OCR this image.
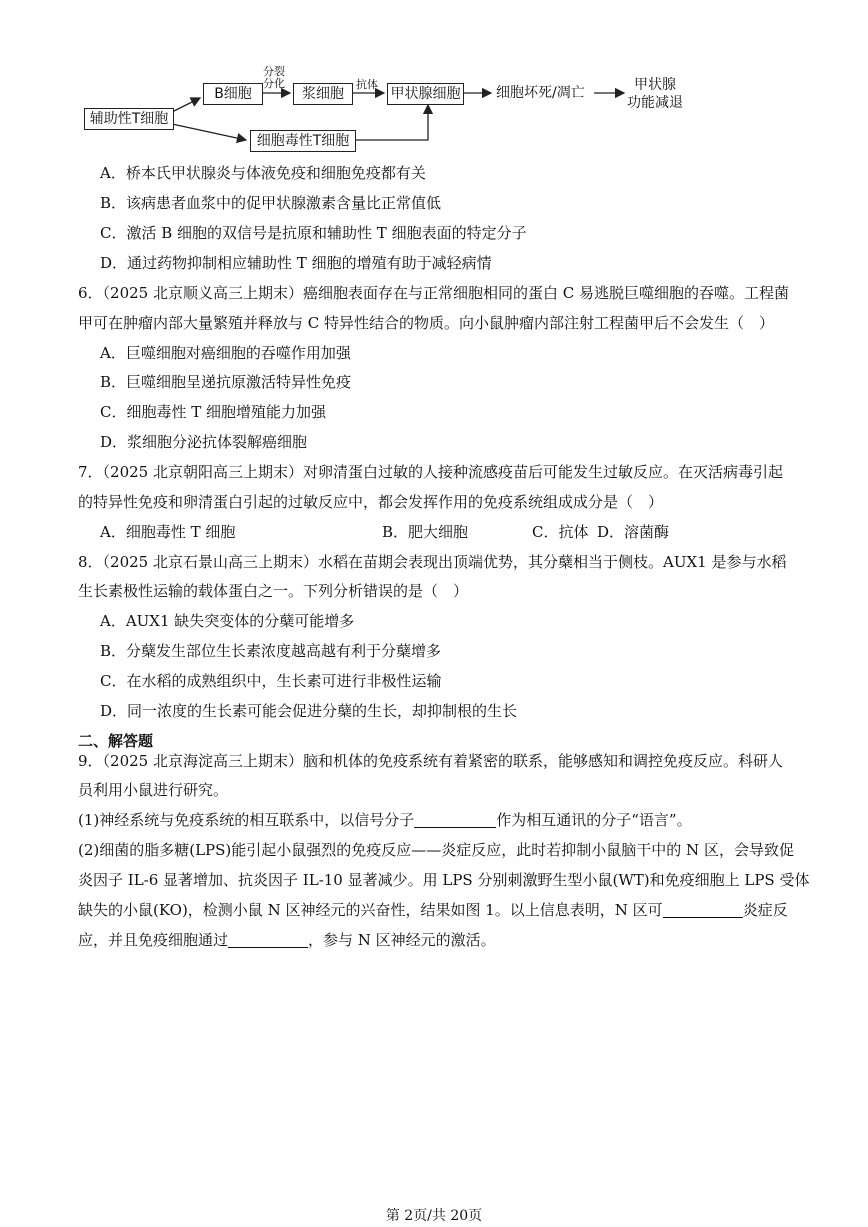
辅助性T细胞
B细胞
分裂
分化
浆细胞
抗体
甲状腺细胞	细胞坏死/凋亡	甲状腺
功能减退
细胞毒性T细胞
A．桥本氏甲状腺炎与体液免疫和细胞免疫都有关
B．该病患者血浆中的促甲状腺激素含量比正常值低
C．激活 B 细胞的双信号是抗原和辅助性 T 细胞表面的特定分子
D．通过药物抑制相应辅助性 T 细胞的增殖有助于减轻病情
6．（2025 北京顺义高三上期末）癌细胞表面存在与正常细胞相同的蛋白 C 易逃脱巨噬细胞的吞噬。工程菌
甲可在肿瘤内部大量繁殖并释放与 C 特异性结合的物质。向小鼠肿瘤内部注射工程菌甲后不会发生（　）
A．巨噬细胞对癌细胞的吞噬作用加强
B．巨噬细胞呈递抗原激活特异性免疫
C．细胞毒性 T 细胞增殖能力加强
D．浆细胞分泌抗体裂解癌细胞
7．（2025 北京朝阳高三上期末）对卵清蛋白过敏的人接种流感疫苗后可能发生过敏反应。在灭活病毒引起
的特异性免疫和卵清蛋白引起的过敏反应中，都会发挥作用的免疫系统组成成分是（　）
A．细胞毒性 T 细胞	B．肥大细胞	C．抗体 D．溶菌酶
8．（2025 北京石景山高三上期末）水稻在苗期会表现出顶端优势，其分蘖相当于侧枝。AUX1 是参与水稻
生长素极性运输的载体蛋白之一。下列分析错误的是（　）
A．AUX1 缺失突变体的分蘖可能增多
B．分蘖发生部位生长素浓度越高越有利于分蘖增多
C．在水稻的成熟组织中，生长素可进行非极性运输
D．同一浓度的生长素可能会促进分蘖的生长，却抑制根的生长
二、解答题
9．（2025 北京海淀高三上期末）脑和机体的免疫系统有着紧密的联系，能够感知和调控免疫反应。科研人
员利用小鼠进行研究。
(1)神经系统与免疫系统的相互联系中，以信号分子	作为相互通讯的分子“语言”。
(2)细菌的脂多糖(LPS)能引起小鼠强烈的免疫反应——炎症反应，此时若抑制小鼠脑干中的 N 区，会导致促
炎因子 IL-6 显著增加、抗炎因子 IL-10 显著减少。用 LPS 分别刺激野生型小鼠(WT)和免疫细胞上 LPS 受体
缺失的小鼠(KO)，检测小鼠 N 区神经元的兴奋性，结果如图 1。以上信息表明，N 区可	炎症反
应，并且免疫细胞通过	，参与 N 区神经元的激活。
第 2页/共 20页
